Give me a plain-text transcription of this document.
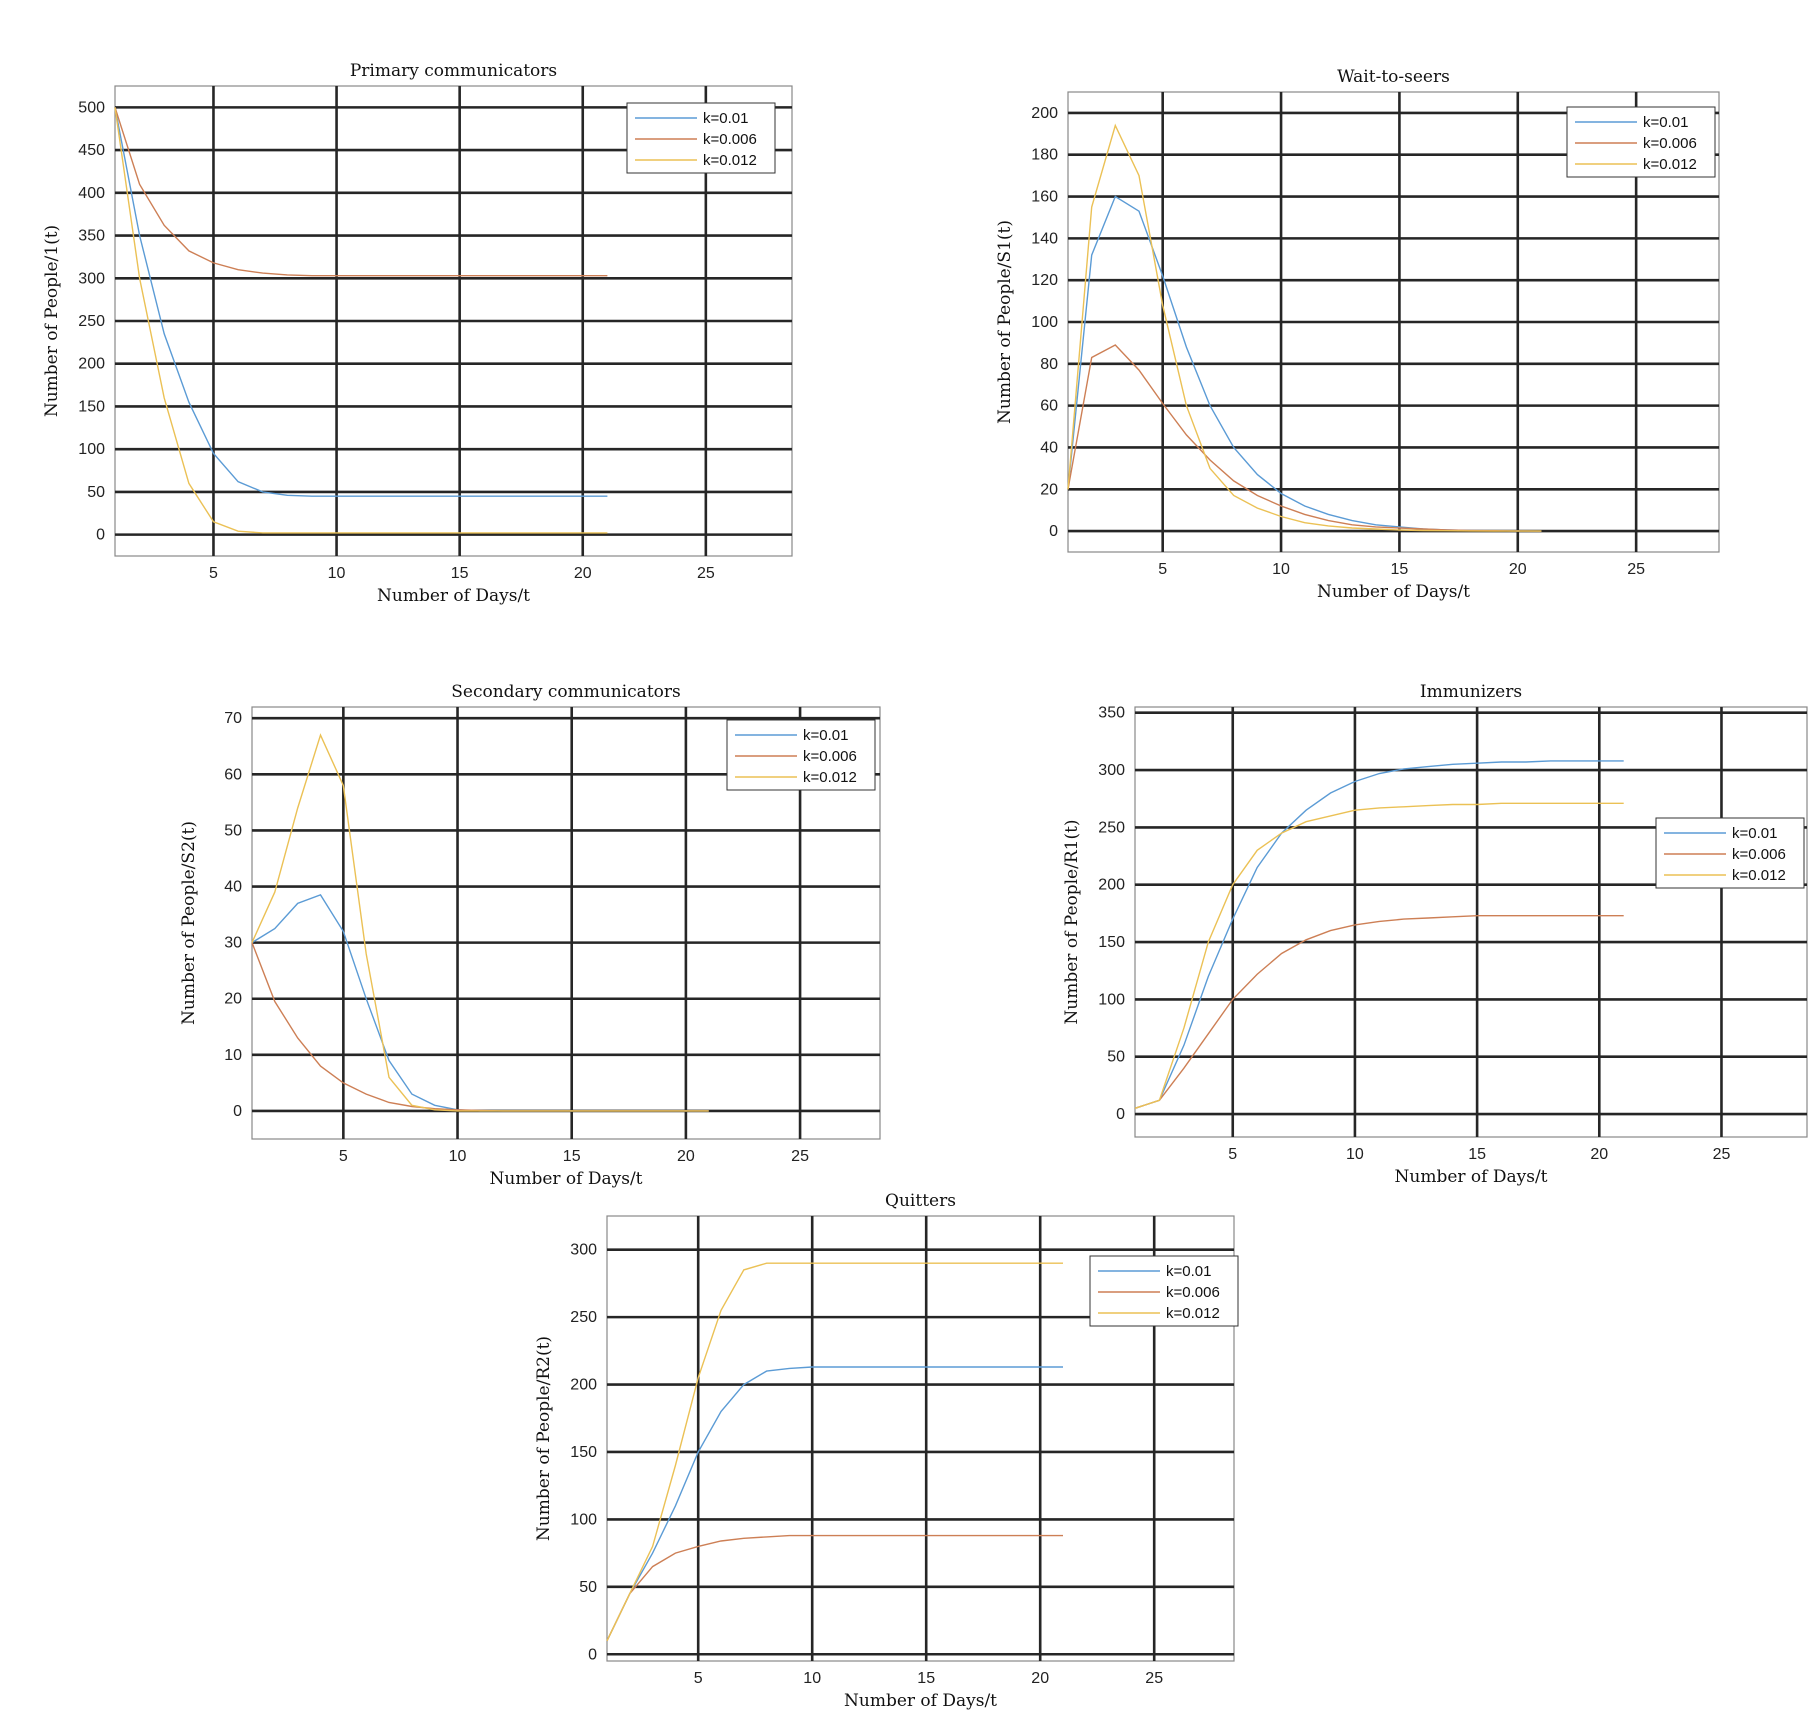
5	10	15	20	25
0
50
100
150
200
250
300
350
400
450
500
Primary communicators
Number of Days/t
Number of People/1(t)
k=0.01
k=0.006
k=0.012
5	10	15	20	25
0
20
40
60
80
100
120
140
160
180
200
Wait-to-seers
Number of Days/t
Number of People/S1(t)
k=0.01
k=0.006
k=0.012
5	10	15	20	25
0
10
20
30
40
50
60
70
Secondary communicators
Number of Days/t
Number of People/S2(t)
k=0.01
k=0.006
k=0.012
5	10	15	20	25
0
50
100
150
200
250
300
350
Immunizers
Number of Days/t
Number of People/R1(t)	k=0.01
k=0.006
k=0.012
5	10	15	20	25
0
50
100
150
200
250
300
Quitters
Number of Days/t
Number of People/R2(t)
k=0.01
k=0.006
k=0.012
